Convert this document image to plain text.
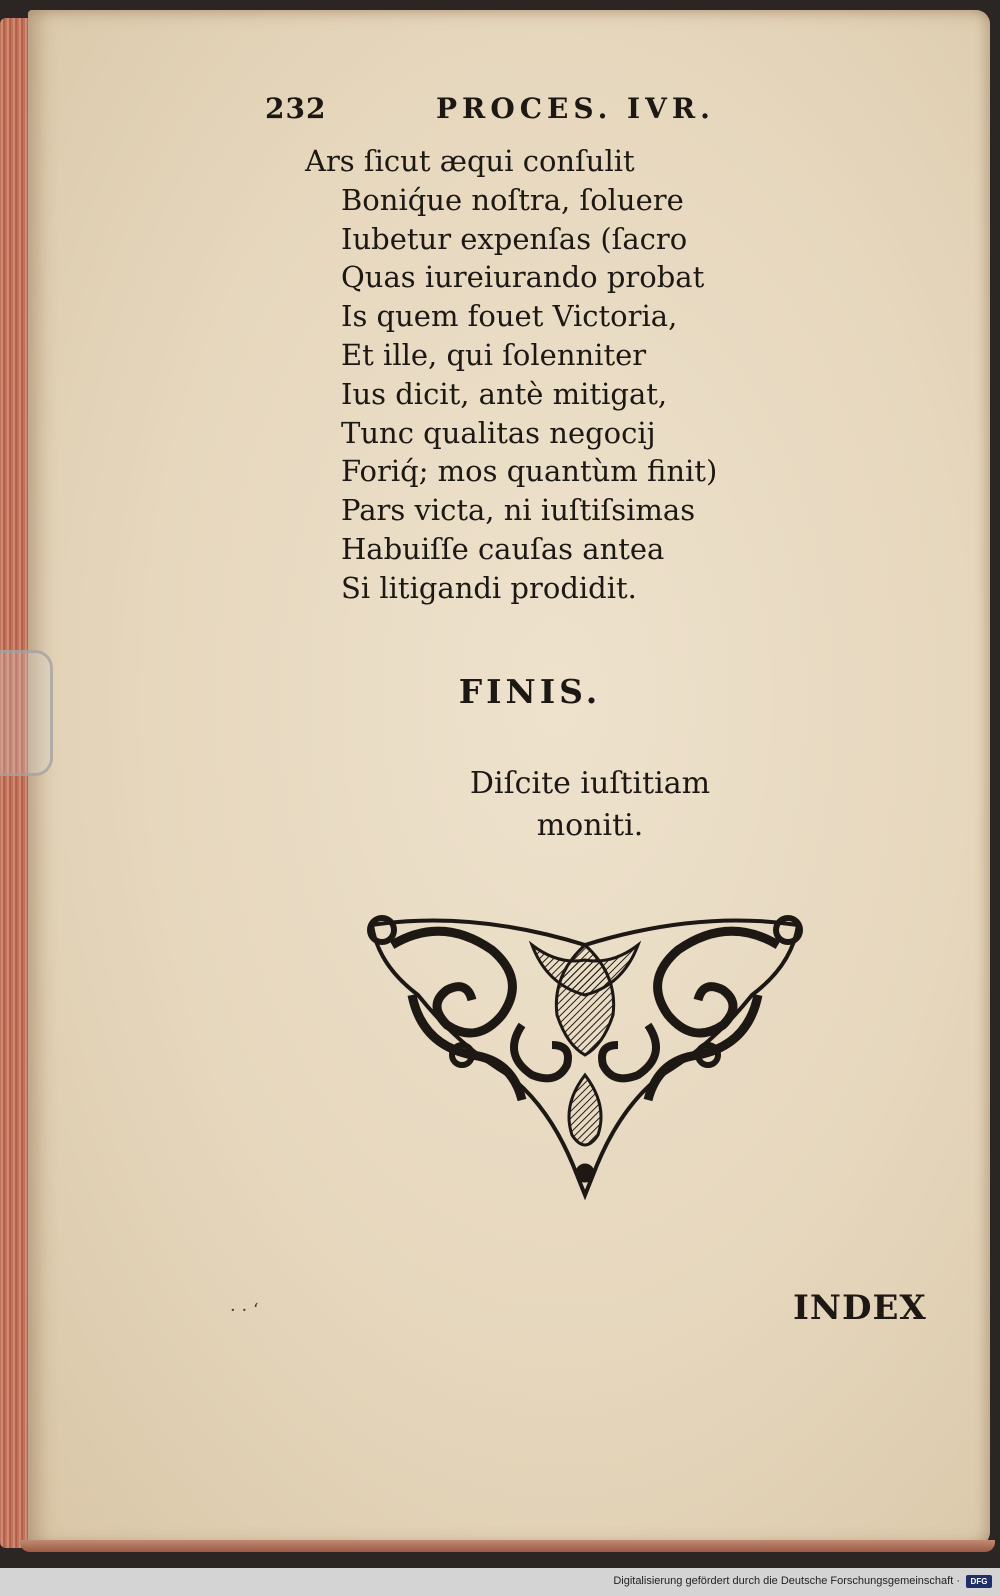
232	PROCES. IVR.
Ars ſicut æqui conſulit
Boniq́ue noſtra, ſoluere
Iubetur expenſas (ſacro
Quas iureiurando probat
Is quem fouet Victoria,
Et ille, qui ſolenniter
Ius dicit, antè mitigat,
Tunc qualitas negocij
Foriq́; mos quantùm finit)
Pars victa, ni iuſtiſsimas
Habuiſſe cauſas antea
Si litigandi prodidit.
FINIS.
Diſcite iuſtitiam
moniti.
· · ‘	INDEX
Digitalisierung gefördert durch die Deutsche Forschungsgemeinschaft ·	DFG
